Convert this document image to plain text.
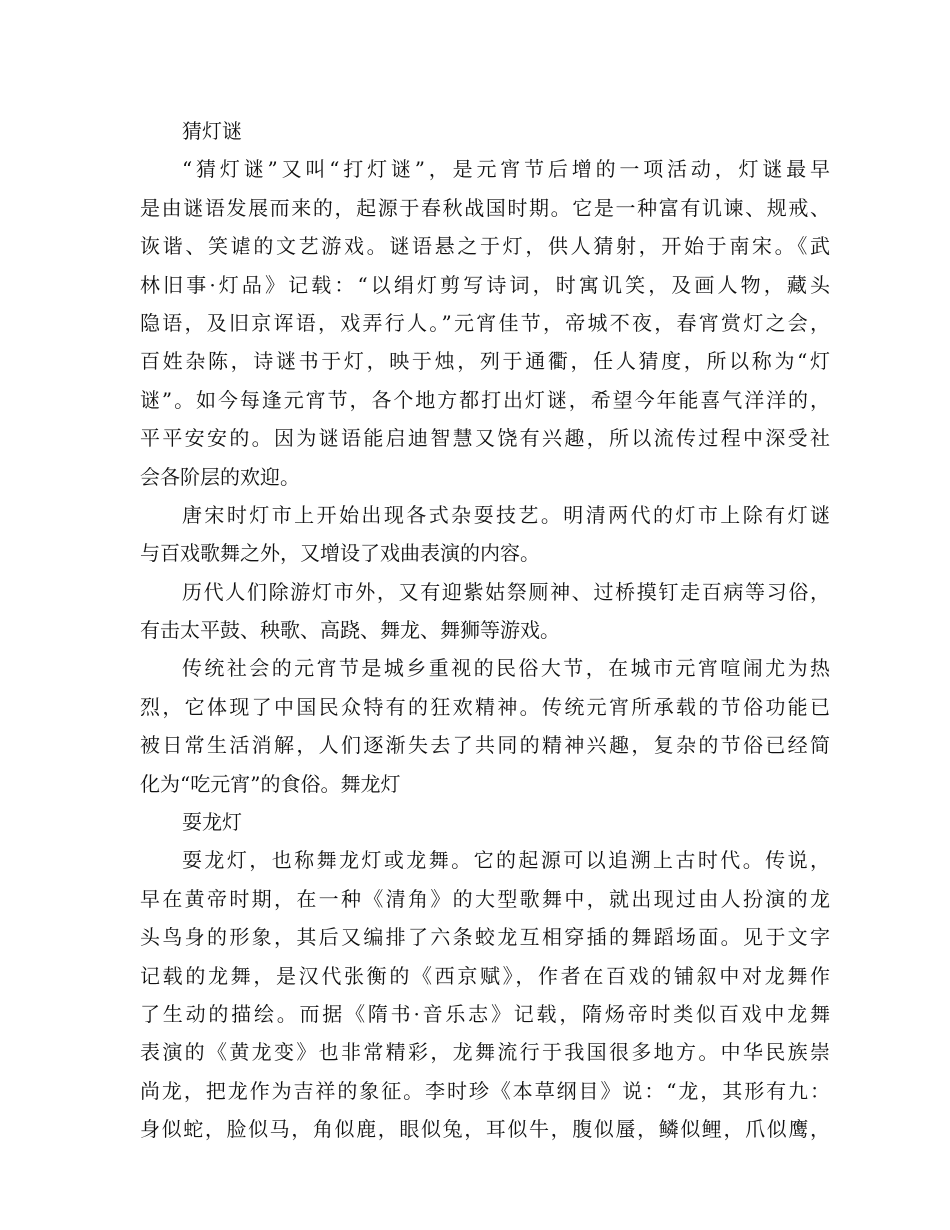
猜灯谜
“猜灯谜”又叫“打灯谜”，是元宵节后增的一项活动，灯谜最早
是由谜语发展而来的，起源于春秋战国时期。它是一种富有讥谏、规戒、
诙谐、笑谑的文艺游戏。谜语悬之于灯，供人猜射，开始于南宋。《武
林旧事·灯品》记载：“以绢灯剪写诗词，时寓讥笑，及画人物，藏头
隐语，及旧京诨语，戏弄行人。”元宵佳节，帝城不夜，春宵赏灯之会，
百姓杂陈，诗谜书于灯，映于烛，列于通衢，任人猜度，所以称为“灯
谜”。如今每逢元宵节，各个地方都打出灯谜，希望今年能喜气洋洋的，
平平安安的。因为谜语能启迪智慧又饶有兴趣，所以流传过程中深受社
会各阶层的欢迎。
唐宋时灯市上开始出现各式杂耍技艺。明清两代的灯市上除有灯谜
与百戏歌舞之外，又增设了戏曲表演的内容。
历代人们除游灯市外，又有迎紫姑祭厕神、过桥摸钉走百病等习俗，
有击太平鼓、秧歌、高跷、舞龙、舞狮等游戏。
传统社会的元宵节是城乡重视的民俗大节，在城市元宵喧闹尤为热
烈，它体现了中国民众特有的狂欢精神。传统元宵所承载的节俗功能已
被日常生活消解，人们逐渐失去了共同的精神兴趣，复杂的节俗已经简
化为“吃元宵”的食俗。舞龙灯
耍龙灯
耍龙灯，也称舞龙灯或龙舞。它的起源可以追溯上古时代。传说，
早在黄帝时期，在一种《清角》的大型歌舞中，就出现过由人扮演的龙
头鸟身的形象，其后又编排了六条蛟龙互相穿插的舞蹈场面。见于文字
记载的龙舞，是汉代张衡的《西京赋》，作者在百戏的铺叙中对龙舞作
了生动的描绘。而据《隋书·音乐志》记载，隋炀帝时类似百戏中龙舞
表演的《黄龙变》也非常精彩，龙舞流行于我国很多地方。中华民族崇
尚龙，把龙作为吉祥的象征。李时珍《本草纲目》说：“龙，其形有九：
身似蛇，脸似马，角似鹿，眼似兔，耳似牛，腹似蜃，鳞似鲤，爪似鹰，
